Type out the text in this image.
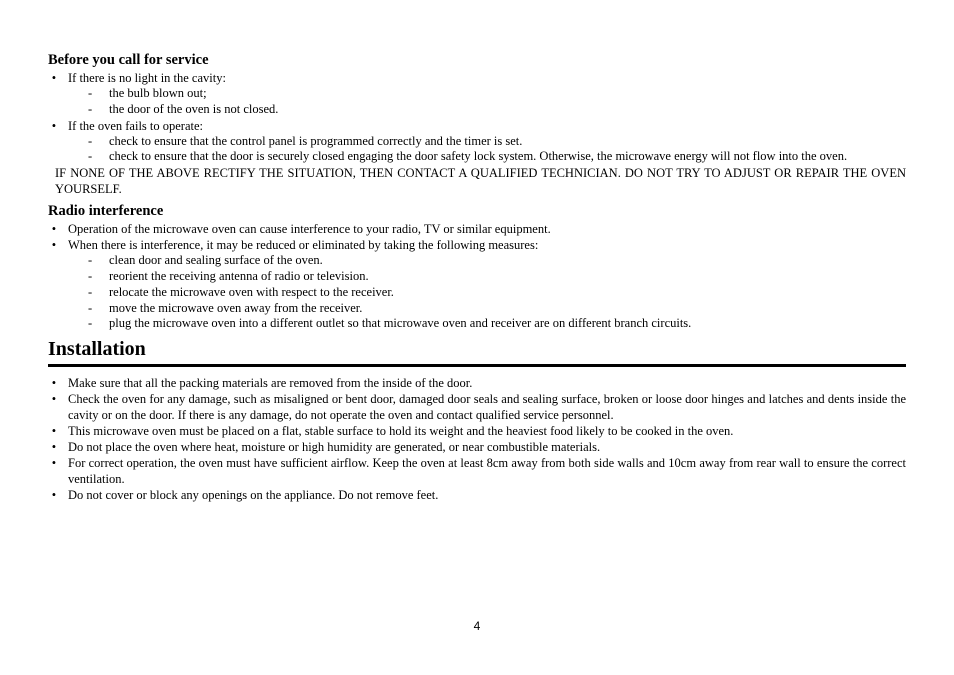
Before you call for service
• If there is no light in the cavity:
-	the bulb blown out;
-	the door of the oven is not closed.
• If the oven fails to operate:
-	check to ensure that the control panel is programmed correctly and the timer is set.
-	check to ensure that the door is securely closed engaging the door safety lock system. Otherwise, the microwave energy will not flow into the oven.
IF NONE OF THE ABOVE RECTIFY THE SITUATION, THEN CONTACT A QUALIFIED TECHNICIAN. DO NOT TRY TO ADJUST OR REPAIR THE OVEN YOURSELF.
Radio interference
• Operation of the microwave oven can cause interference to your radio, TV or similar equipment.
• When there is interference, it may be reduced or eliminated by taking the following measures:
-	clean door and sealing surface of the oven.
-	reorient the receiving antenna of radio or television.
-	relocate the microwave oven with respect to the receiver.
-	move the microwave oven away from the receiver.
-	plug the microwave oven into a different outlet so that microwave oven and receiver are on different branch circuits.
Installation
• Make sure that all the packing materials are removed from the inside of the door.
• Check the oven for any damage, such as misaligned or bent door, damaged door seals and sealing surface, broken or loose door hinges and latches and dents inside the cavity or on the door. If there is any damage, do not operate the oven and contact qualified service personnel.
• This microwave oven must be placed on a flat, stable surface to hold its weight and the heaviest food likely to be cooked in the oven.
• Do not place the oven where heat, moisture or high humidity are generated, or near combustible materials.
• For correct operation, the oven must have sufficient airflow. Keep the oven at least 8cm away from both side walls and 10cm away from rear wall to ensure the correct ventilation.
• Do not cover or block any openings on the appliance. Do not remove feet.
4
